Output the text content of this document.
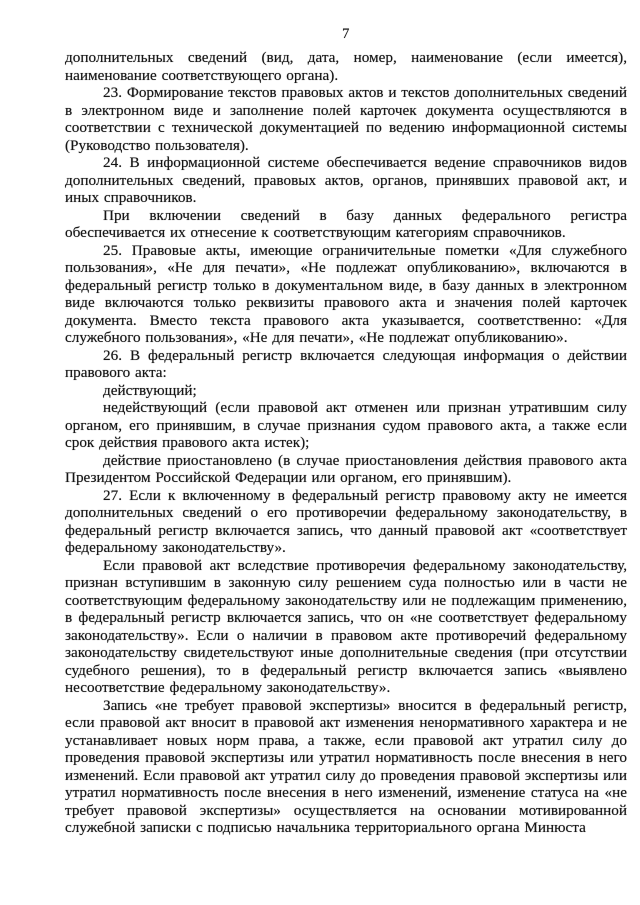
7

дополнительных сведений (вид, дата, номер, наименование (если имеется), наименование соответствующего органа).

23. Формирование текстов правовых актов и текстов дополнительных сведений в электронном виде и заполнение полей карточек документа осуществляются в соответствии с технической документацией по ведению информационной системы (Руководство пользователя).

24. В информационной системе обеспечивается ведение справочников видов дополнительных сведений, правовых актов, органов, принявших правовой акт, и иных справочников.

При включении сведений в базу данных федерального регистра обеспечивается их отнесение к соответствующим категориям справочников.

25. Правовые акты, имеющие ограничительные пометки «Для служебного пользования», «Не для печати», «Не подлежат опубликованию», включаются в федеральный регистр только в документальном виде, в базу данных в электронном виде включаются только реквизиты правового акта и значения полей карточек документа. Вместо текста правового акта указывается, соответственно: «Для служебного пользования», «Не для печати», «Не подлежат опубликованию».

26. В федеральный регистр включается следующая информация о действии правового акта:

действующий;

недействующий (если правовой акт отменен или признан утратившим силу органом, его принявшим, в случае признания судом правового акта, а также если срок действия правового акта истек);

действие приостановлено (в случае приостановления действия правового акта Президентом Российской Федерации или органом, его принявшим).

27. Если к включенному в федеральный регистр правовому акту не имеется дополнительных сведений о его противоречии федеральному законодательству, в федеральный регистр включается запись, что данный правовой акт «соответствует федеральному законодательству».

Если правовой акт вследствие противоречия федеральному законодательству, признан вступившим в законную силу решением суда полностью или в части не соответствующим федеральному законодательству или не подлежащим применению, в федеральный регистр включается запись, что он «не соответствует федеральному законодательству». Если о наличии в правовом акте противоречий федеральному законодательству свидетельствуют иные дополнительные сведения (при отсутствии судебного решения), то в федеральный регистр включается запись «выявлено несоответствие федеральному законодательству».

Запись «не требует правовой экспертизы» вносится в федеральный регистр, если правовой акт вносит в правовой акт изменения ненормативного характера и не устанавливает новых норм права, а также, если правовой акт утратил силу до проведения правовой экспертизы или утратил нормативность после внесения в него изменений. Если правовой акт утратил силу до проведения правовой экспертизы или утратил нормативность после внесения в него изменений, изменение статуса на «не требует правовой экспертизы» осуществляется на основании мотивированной служебной записки с подписью начальника территориального органа Минюста
